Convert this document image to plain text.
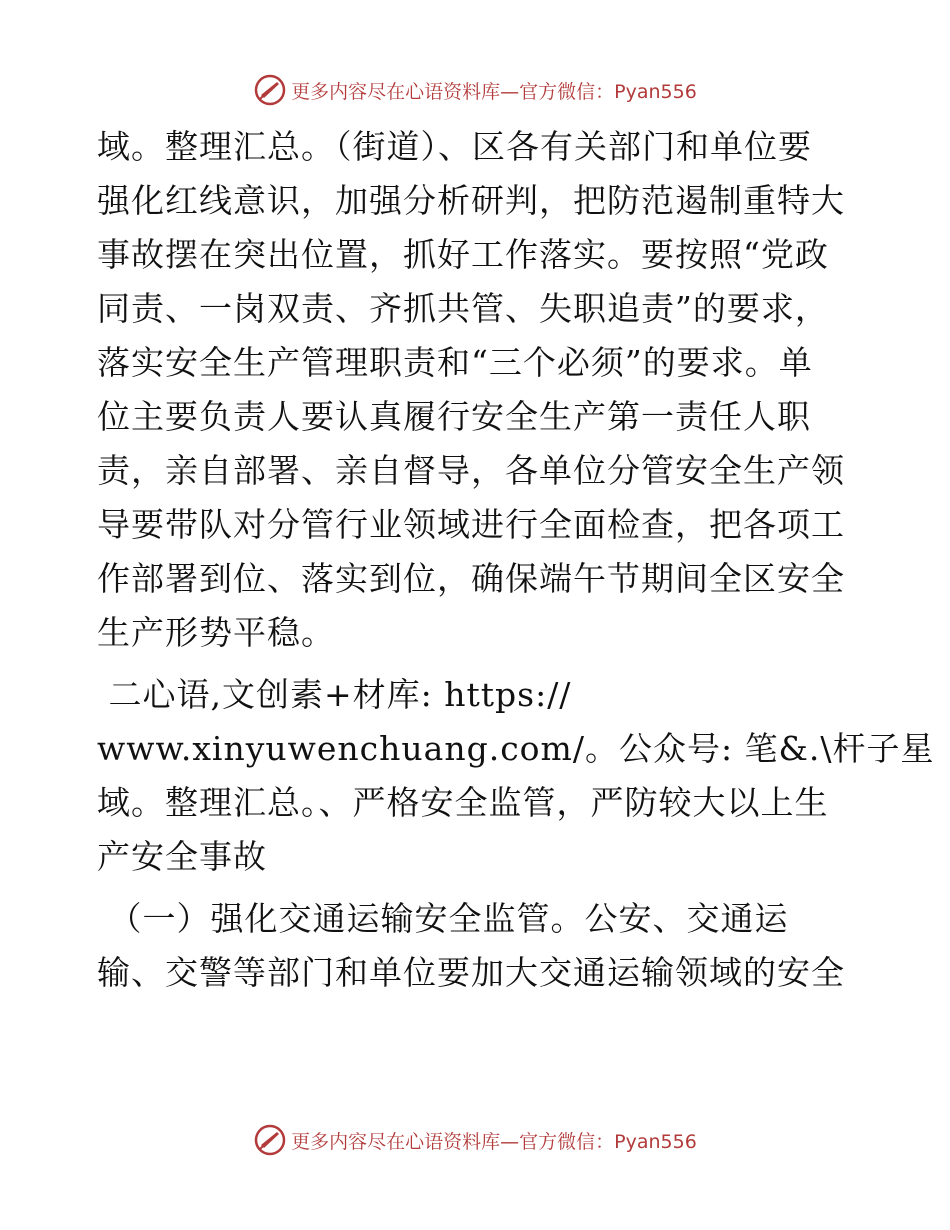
更多内容尽在心语资料库—官方微信：Pyan556

域。整理汇总。（街道）、区各有关部门和单位要
强化红线意识，加强分析研判，把防范遏制重特大
事故摆在突出位置，抓好工作落实。要按照“党政
同责、一岗双责、齐抓共管、失职追责”的要求，
落实安全生产管理职责和“三个必须”的要求。单
位主要负责人要认真履行安全生产第一责任人职
责，亲自部署、亲自督导，各单位分管安全生产领
导要带队对分管行业领域进行全面检查，把各项工
作部署到位、落实到位，确保端午节期间全区安全
生产形势平稳。

二心语,文创素+材库: https://
www.xinyuwenchuang.com/。公众号: 笔&.\杆子星
域。整理汇总。、严格安全监管，严防较大以上生
产安全事故

（一）强化交通运输安全监管。公安、交通运
输、交警等部门和单位要加大交通运输领域的安全

更多内容尽在心语资料库—官方微信：Pyan556
